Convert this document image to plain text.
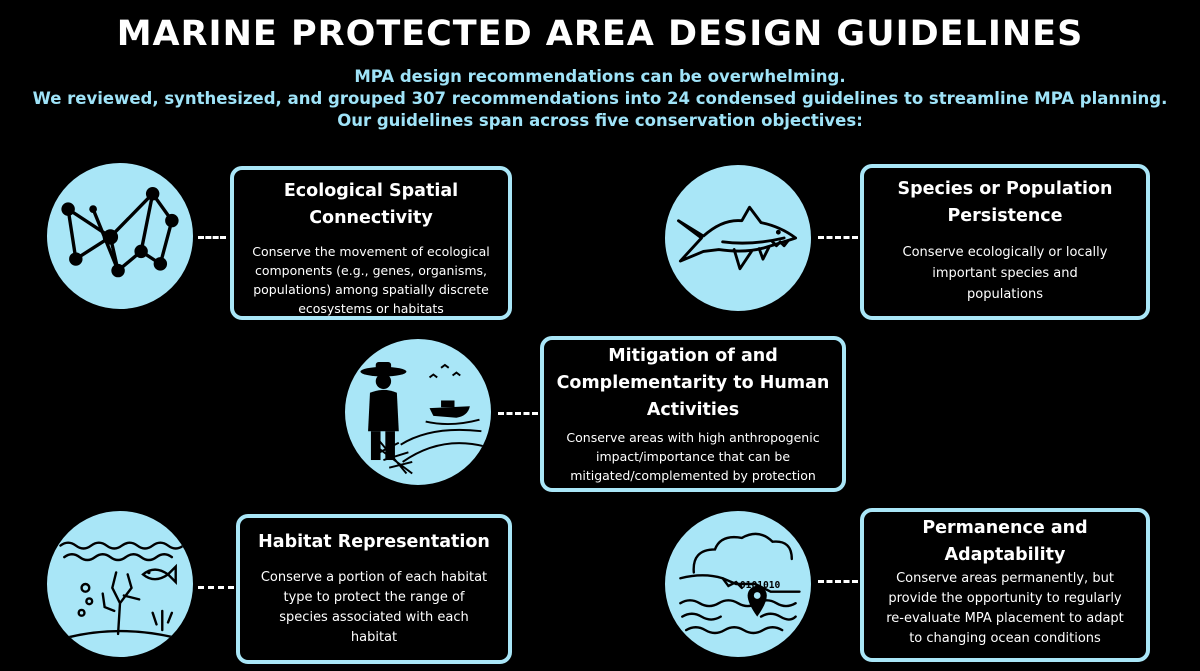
MARINE PROTECTED AREA DESIGN GUIDELINES
MPA design recommendations can be overwhelming.
We reviewed, synthesized, and grouped 307 recommendations into 24 condensed guidelines to streamline MPA planning.
Our guidelines span across five conservation objectives:
Ecological Spatial
Connectivity
Conserve the movement of ecological
components (e.g., genes, organisms,
populations) among spatially discrete
ecosystems or habitats
Species or Population
Persistence
Conserve ecologically or locally
important species and
populations
Mitigation of and
Complementarity to Human
Activities
Conserve areas with high anthropogenic
impact/importance that can be
mitigated/complemented by protection
Habitat Representation
Conserve a portion of each habitat
type to protect the range of
species associated with each
habitat
0101010
Permanence and
Adaptability
Conserve areas permanently, but
provide the opportunity to regularly
re-evaluate MPA placement to adapt
to changing ocean conditions
